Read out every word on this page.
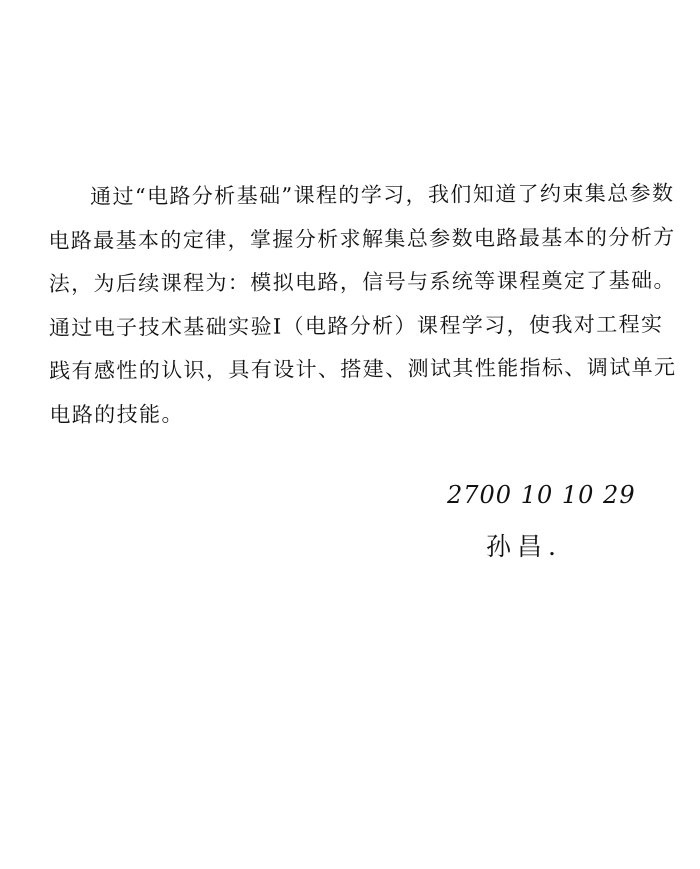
通过“电路分析基础”课程的学习，我们知道了约束集总参数电路最基本的定律，掌握分析求解集总参数电路最基本的分析方法，为后续课程为：模拟电路，信号与系统等课程奠定了基础。通过电子技术基础实验Ⅰ（电路分析）课程学习，使我对工程实践有感性的认识，具有设计、搭建、测试其性能指标、调试单元电路的技能。
2700 10 10 29
孙昌.
